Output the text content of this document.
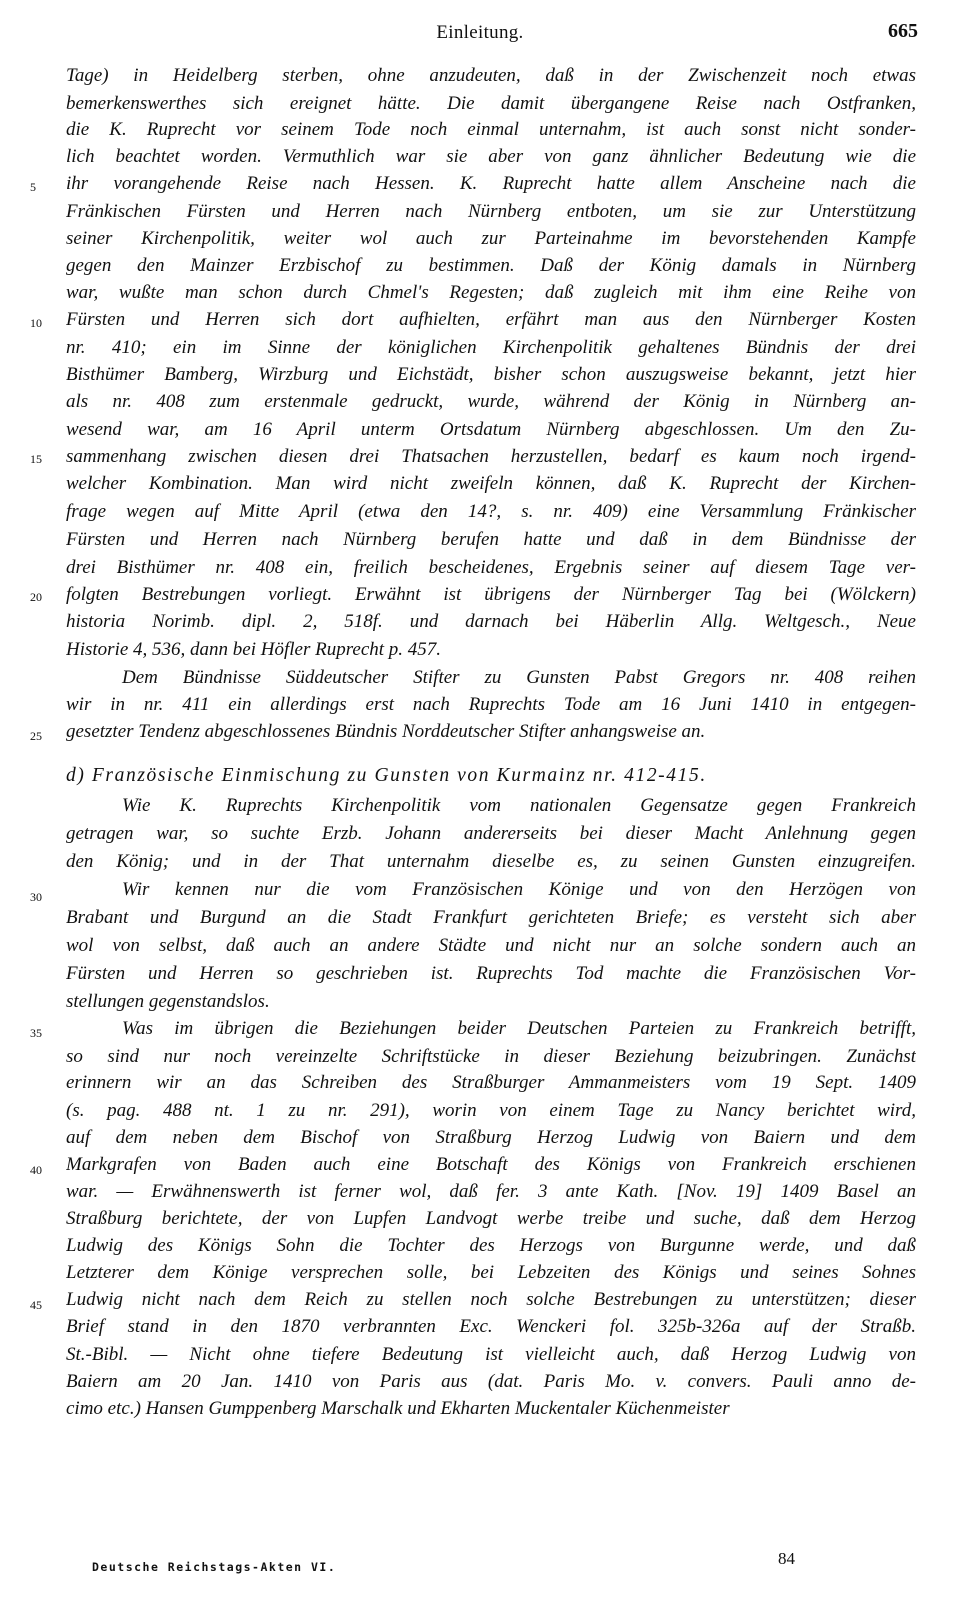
Einleitung.	665
Tage) in Heidelberg sterben, ohne anzudeuten, daß in der Zwischenzeit noch etwas
bemerkenswerthes sich ereignet hätte. Die damit übergangene Reise nach Ostfranken,
die K. Ruprecht vor seinem Tode noch einmal unternahm, ist auch sonst nicht sonder-
lich beachtet worden. Vermuthlich war sie aber von ganz ähnlicher Bedeutung wie die
ihr vorangehende Reise nach Hessen. K. Ruprecht hatte allem Anscheine nach die
Fränkischen Fürsten und Herren nach Nürnberg entboten, um sie zur Unterstützung
seiner Kirchenpolitik, weiter wol auch zur Parteinahme im bevorstehenden Kampfe
gegen den Mainzer Erzbischof zu bestimmen. Daß der König damals in Nürnberg
war, wußte man schon durch Chmel's Regesten; daß zugleich mit ihm eine Reihe von
Fürsten und Herren sich dort aufhielten, erfährt man aus den Nürnberger Kosten
nr. 410; ein im Sinne der königlichen Kirchenpolitik gehaltenes Bündnis der drei
Bisthümer Bamberg, Wirzburg und Eichstädt, bisher schon auszugsweise bekannt, jetzt hier
als nr. 408 zum erstenmale gedruckt, wurde, während der König in Nürnberg an-
wesend war, am 16 April unterm Ortsdatum Nürnberg abgeschlossen. Um den Zu-
sammenhang zwischen diesen drei Thatsachen herzustellen, bedarf es kaum noch irgend-
welcher Kombination. Man wird nicht zweifeln können, daß K. Ruprecht der Kirchen-
frage wegen auf Mitte April (etwa den 14?, s. nr. 409) eine Versammlung Fränkischer
Fürsten und Herren nach Nürnberg berufen hatte und daß in dem Bündnisse der
drei Bisthümer nr. 408 ein, freilich bescheidenes, Ergebnis seiner auf diesem Tage ver-
folgten Bestrebungen vorliegt. Erwähnt ist übrigens der Nürnberger Tag bei (Wölckern)
historia Norimb. dipl. 2, 518f. und darnach bei Häberlin Allg. Weltgesch., Neue
Historie 4, 536, dann bei Höfler Ruprecht p. 457.
Dem Bündnisse Süddeutscher Stifter zu Gunsten Pabst Gregors nr. 408 reihen
wir in nr. 411 ein allerdings erst nach Ruprechts Tode am 16 Juni 1410 in entgegen-
gesetzter Tendenz abgeschlossenes Bündnis Norddeutscher Stifter anhangsweise an.
d) Französische Einmischung zu Gunsten von Kurmainz nr. 412-415.
Wie K. Ruprechts Kirchenpolitik vom nationalen Gegensatze gegen Frankreich
getragen war, so suchte Erzb. Johann andererseits bei dieser Macht Anlehnung gegen
den König; und in der That unternahm dieselbe es, zu seinen Gunsten einzugreifen.
Wir kennen nur die vom Französischen Könige und von den Herzögen von
Brabant und Burgund an die Stadt Frankfurt gerichteten Briefe; es versteht sich aber
wol von selbst, daß auch an andere Städte und nicht nur an solche sondern auch an
Fürsten und Herren so geschrieben ist. Ruprechts Tod machte die Französischen Vor-
stellungen gegenstandslos.
Was im übrigen die Beziehungen beider Deutschen Parteien zu Frankreich betrifft,
so sind nur noch vereinzelte Schriftstücke in dieser Beziehung beizubringen. Zunächst
erinnern wir an das Schreiben des Straßburger Ammanmeisters vom 19 Sept. 1409
(s. pag. 488 nt. 1 zu nr. 291), worin von einem Tage zu Nancy berichtet wird,
auf dem neben dem Bischof von Straßburg Herzog Ludwig von Baiern und dem
Markgrafen von Baden auch eine Botschaft des Königs von Frankreich erschienen
war. — Erwähnenswerth ist ferner wol, daß fer. 3 ante Kath. [Nov. 19] 1409 Basel an
Straßburg berichtete, der von Lupfen Landvogt werbe treibe und suche, daß dem Herzog
Ludwig des Königs Sohn die Tochter des Herzogs von Burgunne werde, und daß
Letzterer dem Könige versprechen solle, bei Lebzeiten des Königs und seines Sohnes
Ludwig nicht nach dem Reich zu stellen noch solche Bestrebungen zu unterstützen; dieser
Brief stand in den 1870 verbrannten Exc. Wenckeri fol. 325b-326a auf der Straßb.
St.-Bibl. — Nicht ohne tiefere Bedeutung ist vielleicht auch, daß Herzog Ludwig von
Baiern am 20 Jan. 1410 von Paris aus (dat. Paris Mo. v. convers. Pauli anno de-
cimo etc.) Hansen Gumppenberg Marschalk und Ekharten Muckentaler Küchenmeister
5
10
15
20
25
30
35
40
45
Deutsche Reichstags-Akten VI.	84
